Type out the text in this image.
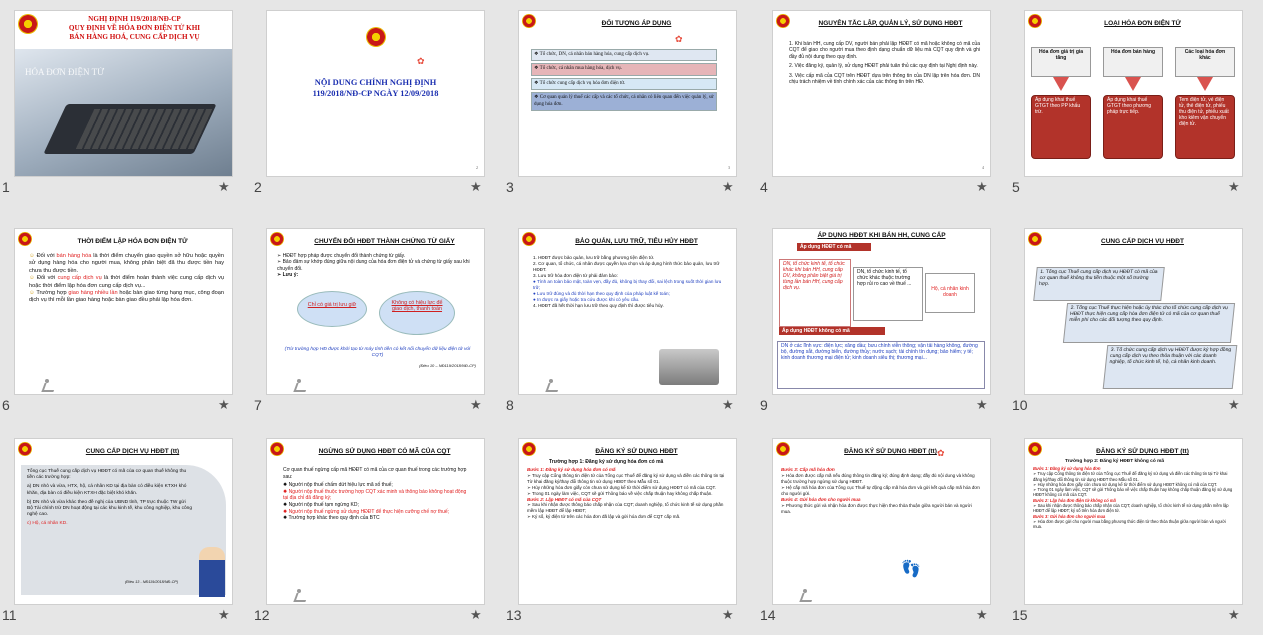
NGHỊ ĐỊNH 119/2018/NĐ-CP
QUY ĐỊNH VỀ HÓA ĐƠN ĐIỆN TỬ KHI
BÁN HÀNG HOÁ, CUNG CẤP DỊCH VỤ
HÓA ĐƠN ĐIỆN TỬ
1	★
✿
NỘI DUNG CHÍNH NGHỊ ĐỊNH
119/2018/NĐ-CP NGÀY 12/09/2018
2
2	★
ĐỐI TƯỢNG ÁP DỤNG
✿
❖ Tổ chức, DN, cá nhân bán hàng hóa, cung cấp dịch vụ.
❖ Tổ chức, cá nhân mua hàng hóa, dịch vụ.
❖ Tổ chức cung cấp dịch vụ hóa đơn điện tử.
❖ Cơ quan quản lý thuế các cấp và các tổ chức, cá nhân có liên quan đến việc quản lý, sử dụng hóa đơn.
3
3	★
NGUYÊN TẮC LẬP, QUẢN LÝ, SỬ DỤNG HĐĐT
1. Khi bán HH, cung cấp DV, người bán phải lập HĐĐT có mã hoặc không có mã của CQT để giao cho người mua theo định dạng chuẩn dữ liệu mà CQT quy định và ghi đầy đủ nội dung theo quy định.
2. Việc đăng ký, quản lý, sử dụng HĐĐT phải tuân thủ các quy định tại Nghị định này.
3. Việc cấp mã của CQT trên HĐĐT dựa trên thông tin của DN lập trên hóa đơn. DN chịu trách nhiệm về tính chính xác của các thông tin trên HĐ.
4
4	★
LOẠI HÓA ĐƠN ĐIỆN TỬ
Hóa đơn giá trị gia tăng
Hóa đơn bán hàng	Các loại hóa đơn khác
Áp dụng khai thuế GTGT theo PP khấu trừ.
Áp dụng khai thuế GTGT theo phương pháp trực tiếp.
Tem điện tử, vé điện tử, thẻ điện tử, phiếu thu điện tử, phiếu xuất kho kiêm vận chuyển điện tử.
5	★
THỜI ĐIỂM LẬP HÓA ĐƠN ĐIỆN TỬ
☺ Đối với bán hàng hóa là thời điểm chuyển giao quyền sở hữu hoặc quyền sử dụng hàng hóa cho người mua, không phân biệt đã thu được tiền hay chưa thu được tiền.
☺ Đối với cung cấp dịch vụ là thời điểm hoàn thành việc cung cấp dịch vụ hoặc thời điểm lập hóa đơn cung cấp dịch vụ...
☺ Trường hợp giao hàng nhiều lần hoặc bàn giao từng hạng mục, công đoạn dịch vụ thì mỗi lần giao hàng hoặc bàn giao đều phải lập hóa đơn.
6	★
CHUYỂN ĐỔI HĐĐT THÀNH CHỨNG TỪ GIẤY
➢ HĐĐT hợp pháp được chuyển đổi thành chứng từ giấy.
➢ Bảo đảm sự khớp đúng giữa nội dung của hóa đơn điện tử và chứng từ giấy sau khi chuyển đổi.
➢ Lưu ý:
Chỉ có giá trị lưu giữ	Không có hiệu lực để giao dịch, thanh toán
(Trừ trường hợp HĐ được khởi tạo từ máy tính tiền có kết nối chuyển dữ liệu điện tử với CQT)
(Điều 10 – NĐ119/2018/NĐ-CP)
7	★
BẢO QUẢN, LƯU TRỮ, TIÊU HỦY HĐĐT
1. HĐĐT được bảo quản, lưu trữ bằng phương tiện điện tử.
2. Cơ quan, tổ chức, cá nhân được quyền lựa chọn và áp dụng hình thức bảo quản, lưu trữ HĐĐT.
3. Lưu trữ hóa đơn điện tử phải đảm bảo:
● Tính an toàn bảo mật, toàn vẹn, đầy đủ, không bị thay đổi, sai lệch trong suốt thời gian lưu trữ;
● Lưu trữ đúng và đủ thời hạn theo quy định của pháp luật kế toán;
● In được ra giấy hoặc tra cứu được khi có yêu cầu.
4. HĐĐT đã hết thời hạn lưu trữ theo quy định thì được tiêu hủy.
8	★
ÁP DỤNG HĐĐT KHI BÁN HH, CUNG CẤP
Áp dụng HĐĐT có mã
DN, tổ chức kinh tế, tổ chức khác khi bán HH, cung cấp DV, không phân biệt giá trị từng lần bán HH, cung cấp dịch vụ.
DN, tổ chức kinh tế, tổ chức khác thuộc trường hợp rủi ro cao về thuế ...
Hộ, cá nhân kinh doanh
Áp dụng HĐĐT không có mã
DN ở các lĩnh vực: điện lực; xăng dầu; bưu chính viễn thông; vận tải hàng không, đường bộ, đường sắt, đường biển, đường thủy; nước sạch; tài chính tín dụng; bảo hiểm; y tế; kinh doanh thương mại điện tử; kinh doanh siêu thị; thương mại...
9	★
CUNG CẤP DỊCH VỤ HĐĐT
1. Tổng cục Thuế cung cấp dịch vụ HĐĐT có mã của cơ quan thuế không thu tiền thuộc một số trường hợp.
2. Tổng cục Thuế thực hiện hoặc ủy thác cho tổ chức cung cấp dịch vụ HĐĐT thực hiện cung cấp hóa đơn điện tử có mã của cơ quan thuế miễn phí cho các đối tượng theo quy định.
3. Tổ chức cung cấp dịch vụ HĐĐT được ký hợp đồng cung cấp dịch vụ theo thỏa thuận với các doanh nghiệp, tổ chức kinh tế, hộ, cá nhân kinh doanh.
10	★
CUNG CẤP DỊCH VỤ HĐĐT (tt)
Tổng cục Thuế cung cấp dịch vụ HĐĐT có mã của cơ quan thuế không thu tiền các trường hợp:
a) DN nhỏ và vừa, HTX, hộ, cá nhân KD tại địa bàn có điều kiện KTXH khó khăn, địa bàn có điều kiện KTXH đặc biệt khó khăn.
b) DN nhỏ và vừa khác theo đề nghị của UBND tỉnh, TP trực thuộc TW gửi Bộ Tài chính trừ DN hoạt động tại các khu kinh tế, khu công nghiệp, khu công nghệ cao.
c) Hộ, cá nhân KD.
(Điều 13 - NĐ119/2018/NĐ-CP)
11	★
NGỪNG SỬ DỤNG HĐĐT CÓ MÃ CỦA CQT
Cơ quan thuế ngừng cấp mã HĐĐT có mã của cơ quan thuế trong các trường hợp sau:
✹ Người nộp thuế chấm dứt hiệu lực mã số thuế;
✹ Người nộp thuế thuộc trường hợp CQT xác minh và thông báo không hoạt động tại địa chỉ đã đăng ký;
✹ Người nộp thuế tạm ngừng KD;
✹ Người nộp thuế ngừng sử dụng HĐĐT để thực hiện cưỡng chế nợ thuế;
✹ Trường hợp khác theo quy định của BTC
12	★
ĐĂNG KÝ SỬ DỤNG HĐĐT
Trường hợp 1: Đăng ký sử dụng hóa đơn có mã
Bước 1: Đăng ký sử dụng hóa đơn có mã
➢ Truy cập Cổng thông tin điện tử của Tổng cục Thuế để đăng ký sử dụng và điền các thông tin tại Tờ khai đăng ký/thay đổi thông tin sử dụng HĐĐT theo Mẫu số 01.
➢ Hủy những hóa đơn giấy còn chưa sử dụng kể từ thời điểm sử dụng HĐĐT có mã của CQT.
➢ Trong 01 ngày làm việc, CQT sẽ gửi Thông báo về việc chấp thuận hay không chấp thuận.
Bước 2: Lập HĐĐT có mã của CQT
➢ Sau khi nhận được thông báo chấp nhận của CQT; doanh nghiệp, tổ chức kinh tế sử dụng phần mềm lập HĐĐT để lập HĐĐT;
➢ Ký số, ký điện tử trên các hóa đơn đã lập và gửi hóa đơn để CQT cấp mã.
13	★
ĐĂNG KÝ SỬ DỤNG HĐĐT (tt) ✿
Bước 3: Cấp mã hóa đơn
➢ Hóa đơn được cấp mã nếu đúng thông tin đăng ký; đúng định dạng; đầy đủ nội dung và không thuộc trường hợp ngừng sử dụng HĐĐT.
➢ Hệ cấp mã hóa đơn của Tổng cục Thuế tự động cấp mã hóa đơn và gửi kết quả cấp mã hóa đơn cho người gửi.
Bước 4: Gửi hóa đơn cho người mua
➢ Phương thức gửi và nhận hóa đơn được thực hiện theo thỏa thuận giữa người bán và người mua.
👣
14	★
ĐĂNG KÝ SỬ DỤNG HĐĐT (tt)
Trường hợp 2: Đăng ký HĐĐT không có mã
Bước 1: Đăng ký sử dụng hóa đơn
➢ Truy cập Cổng thông tin điện tử của Tổng cục Thuế để đăng ký sử dụng và điền các thông tin tại Tờ khai đăng ký/thay đổi thông tin sử dụng HĐĐT theo Mẫu số 01.
➢ Hủy những hóa đơn giấy còn chưa sử dụng kể từ thời điểm sử dụng HĐĐT không có mã của CQT.
➢ Trong 01 ngày làm việc, CQT sẽ gửi Thông báo về việc chấp thuận hay không chấp thuận đăng ký sử dụng HĐĐT không có mã của CQT.
Bước 2: Lập hóa đơn điện tử không có mã
➢ Sau khi nhận được thông báo chấp nhận của CQT; doanh nghiệp, tổ chức kinh tế sử dụng phần mềm lập HĐĐT để lập HĐĐT; ký số trên hóa đơn điện tử.
Bước 3: Gửi hóa đơn cho người mua
➢ Hóa đơn được gửi cho người mua bằng phương thức điện tử theo thỏa thuận giữa người bán và người mua.
15	★
